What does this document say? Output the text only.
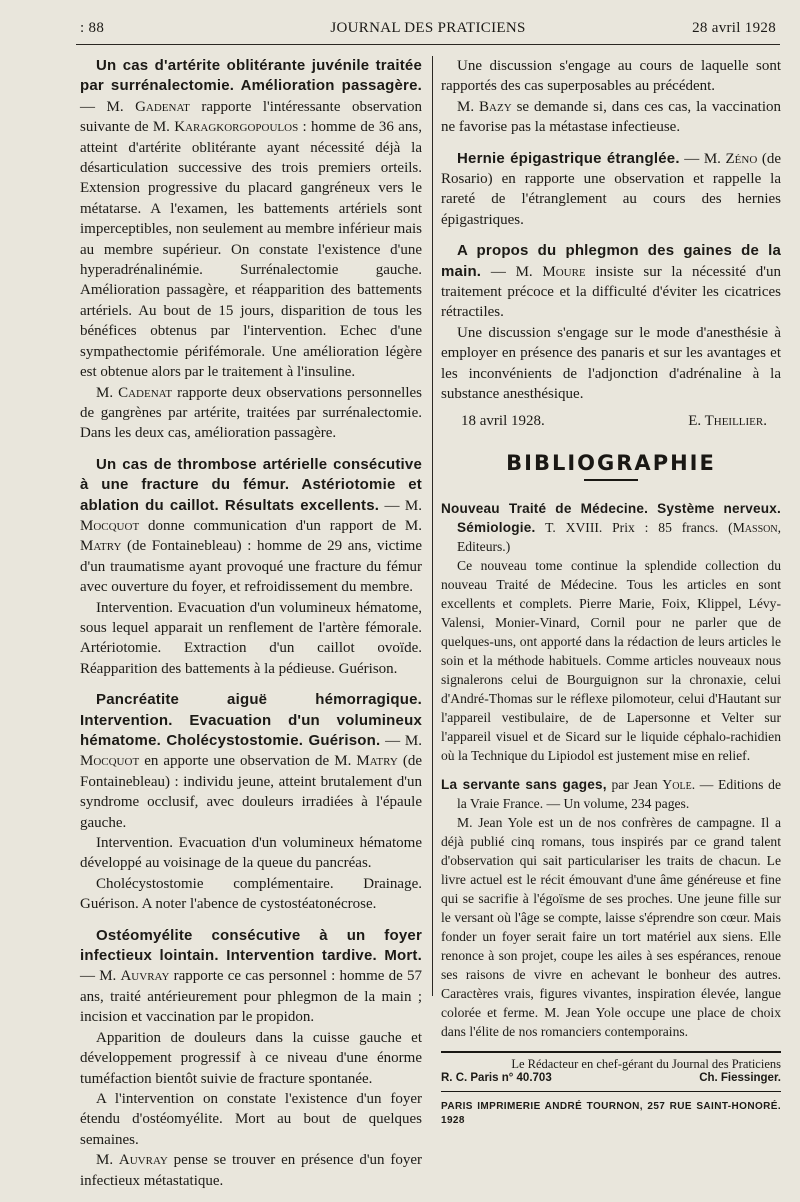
: 88	JOURNAL DES PRATICIENS	28 avril 1928

Un cas d'artérite oblitérante juvénile traitée par surrénalectomie. Amélioration passagère. — M. Gadenat rapporte l'intéressante observation suivante de M. Karagkorgopoulos : homme de 36 ans, atteint d'artérite oblitérante ayant nécessité déjà la désarticulation successive des trois premiers orteils. Extension progressive du placard gangréneux vers le métatarse. A l'examen, les battements artériels sont imperceptibles, non seulement au membre inférieur mais au membre supérieur. On constate l'existence d'une hyperadrénalinémie. Surrénalectomie gauche. Amélioration passagère, et réapparition des battements artériels. Au bout de 15 jours, disparition de tous les bénéfices obtenus par l'intervention. Echec d'une sympathectomie périfémorale. Une amélioration légère est obtenue alors par le traitement à l'insuline.

M. Cadenat rapporte deux observations personnelles de gangrènes par artérite, traitées par surrénalectomie. Dans les deux cas, amélioration passagère.

Un cas de thrombose artérielle consécutive à une fracture du fémur. Astériotomie et ablation du caillot. Résultats excellents. — M. Mocquot donne communication d'un rapport de M. Matry (de Fontainebleau) : homme de 29 ans, victime d'un traumatisme ayant provoqué une fracture du fémur avec ouverture du foyer, et refroidissement du membre.

Intervention. Evacuation d'un volumineux hématome, sous lequel apparait un renflement de l'artère fémorale. Artériotomie. Extraction d'un caillot ovoïde. Réapparition des battements à la pédieuse. Guérison.

Pancréatite aiguë hémorragique. Intervention. Evacuation d'un volumineux hématome. Cholécystostomie. Guérison. — M. Mocquot en apporte une observation de M. Matry (de Fontainebleau) : individu jeune, atteint brutalement d'un syndrome occlusif, avec douleurs irradiées à l'épaule gauche.

Intervention. Evacuation d'un volumineux hématome développé au voisinage de la queue du pancréas.

Cholécystostomie complémentaire. Drainage. Guérison. A noter l'abence de cystostéatonécrose.

Ostéomyélite consécutive à un foyer infectieux lointain. Intervention tardive. Mort. — M. Auvray rapporte ce cas personnel : homme de 57 ans, traité antérieurement pour phlegmon de la main ; incision et vaccination par le propidon.

Apparition de douleurs dans la cuisse gauche et développement progressif à ce niveau d'une énorme tuméfaction bientôt suivie de fracture spontanée.

A l'intervention on constate l'existence d'un foyer étendu d'ostéomyélite. Mort au bout de quelques semaines.

M. Auvray pense se trouver en présence d'un foyer infectieux métastatique.

Une discussion s'engage au cours de laquelle sont rapportés des cas superposables au précédent.

M. Bazy se demande si, dans ces cas, la vaccination ne favorise pas la métastase infectieuse.

Hernie épigastrique étranglée. — M. Zéno (de Rosario) en rapporte une observation et rappelle la rareté de l'étranglement au cours des hernies épigastriques.

A propos du phlegmon des gaines de la main. — M. Moure insiste sur la nécessité d'un traitement précoce et la difficulté d'éviter les cicatrices rétractiles.

Une discussion s'engage sur le mode d'anesthésie à employer en présence des panaris et sur les avantages et les inconvénients de l'adjonction d'adrénaline à la substance anesthésique.

18 avril 1928.	E. Theillier.

BIBLIOGRAPHIE

Nouveau Traité de Médecine. Système nerveux. Sémiologie. T. XVIII. Prix : 85 francs. (Masson, Editeurs.)

Ce nouveau tome continue la splendide collection du nouveau Traité de Médecine. Tous les articles en sont excellents et complets. Pierre Marie, Foix, Klippel, Lévy-Valensi, Monier-Vinard, Cornil pour ne parler que de quelques-uns, ont apporté dans la rédaction de leurs articles le soin et la méthode habituels. Comme articles nouveaux nous signalerons celui de Bourguignon sur la chronaxie, celui d'André-Thomas sur le réflexe pilomoteur, celui d'Hautant sur l'appareil vestibulaire, de de Lapersonne et Velter sur l'appareil visuel et de Sicard sur le liquide céphalo-rachidien où la Technique du Lipiodol est justement mise en relief.

La servante sans gages, par Jean Yole. — Editions de la Vraie France. — Un volume, 234 pages.

M. Jean Yole est un de nos confrères de campagne. Il a déjà publié cinq romans, tous inspirés par ce grand talent d'observation qui sait particulariser les traits de chacun. Le livre actuel est le récit émouvant d'une âme généreuse et fine qui se sacrifie à l'égoïsme de ses proches. Une jeune fille sur le versant où l'âge se compte, laisse s'éprendre son cœur. Mais fonder un foyer serait faire un tort matériel aux siens. Elle renonce à son projet, coupe les ailes à ses espérances, renoue ses raisons de vivre en achevant le bonheur des autres. Caractères vrais, figures vivantes, inspiration élevée, langue colorée et ferme. M. Jean Yole occupe une place de choix dans l'élite de nos romanciers contemporains.

Le Rédacteur en chef-gérant du Journal des Praticiens
R. C. Paris n° 40.703	Ch. Fiessinger.
PARIS IMPRIMERIE ANDRÉ TOURNON, 257 RUE SAINT-HONORÉ. 1928
